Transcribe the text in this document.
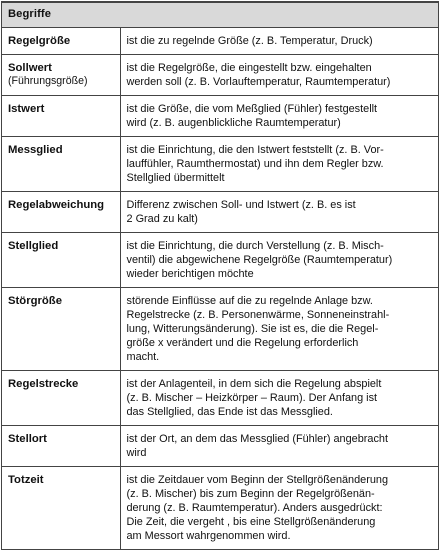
Begriffe	
Regelgröße	ist die zu regelnde Größe (z. B. Temperatur, Druck)

Sollwert
(Führungsgröße)	ist die Regelgröße, die eingestellt bzw. eingehalten
werden soll (z. B. Vorlauftemperatur, Raumtemperatur)

Istwert	ist die Größe, die vom Meßglied (Fühler) festgestellt
wird (z. B. augenblickliche Raumtemperatur)

Messglied	ist die Einrichtung, die den Istwert feststellt (z. B. Vor-
lauffühler, Raumthermostat) und ihn dem Regler bzw.
Stellglied übermittelt

Regelabweichung	Differenz zwischen Soll- und Istwert (z. B. es ist
2 Grad zu kalt)

Stellglied	ist die Einrichtung, die durch Verstellung (z. B. Misch-
ventil) die abgewichene Regelgröße (Raumtemperatur)
wieder berichtigen möchte

Störgröße	störende Einflüsse auf die zu regelnde Anlage bzw.
Regelstrecke (z. B. Personenwärme, Sonneneinstrahl-
lung, Witterungsänderung). Sie ist es, die die Regel-
größe x verändert und die Regelung erforderlich
macht.

Regelstrecke	ist der Anlagenteil, in dem sich die Regelung abspielt
(z. B. Mischer – Heizkörper – Raum). Der Anfang ist
das Stellglied, das Ende ist das Messglied.

Stellort	ist der Ort, an dem das Messglied (Fühler) angebracht
wird

Totzeit	ist die Zeitdauer vom Beginn der Stellgrößenänderung
(z. B. Mischer) bis zum Beginn der Regelgrößenän-
derung (z. B. Raumtemperatur). Anders ausgedrückt:
Die Zeit, die vergeht , bis eine Stellgrößenänderung
am Messort wahrgenommen wird.
